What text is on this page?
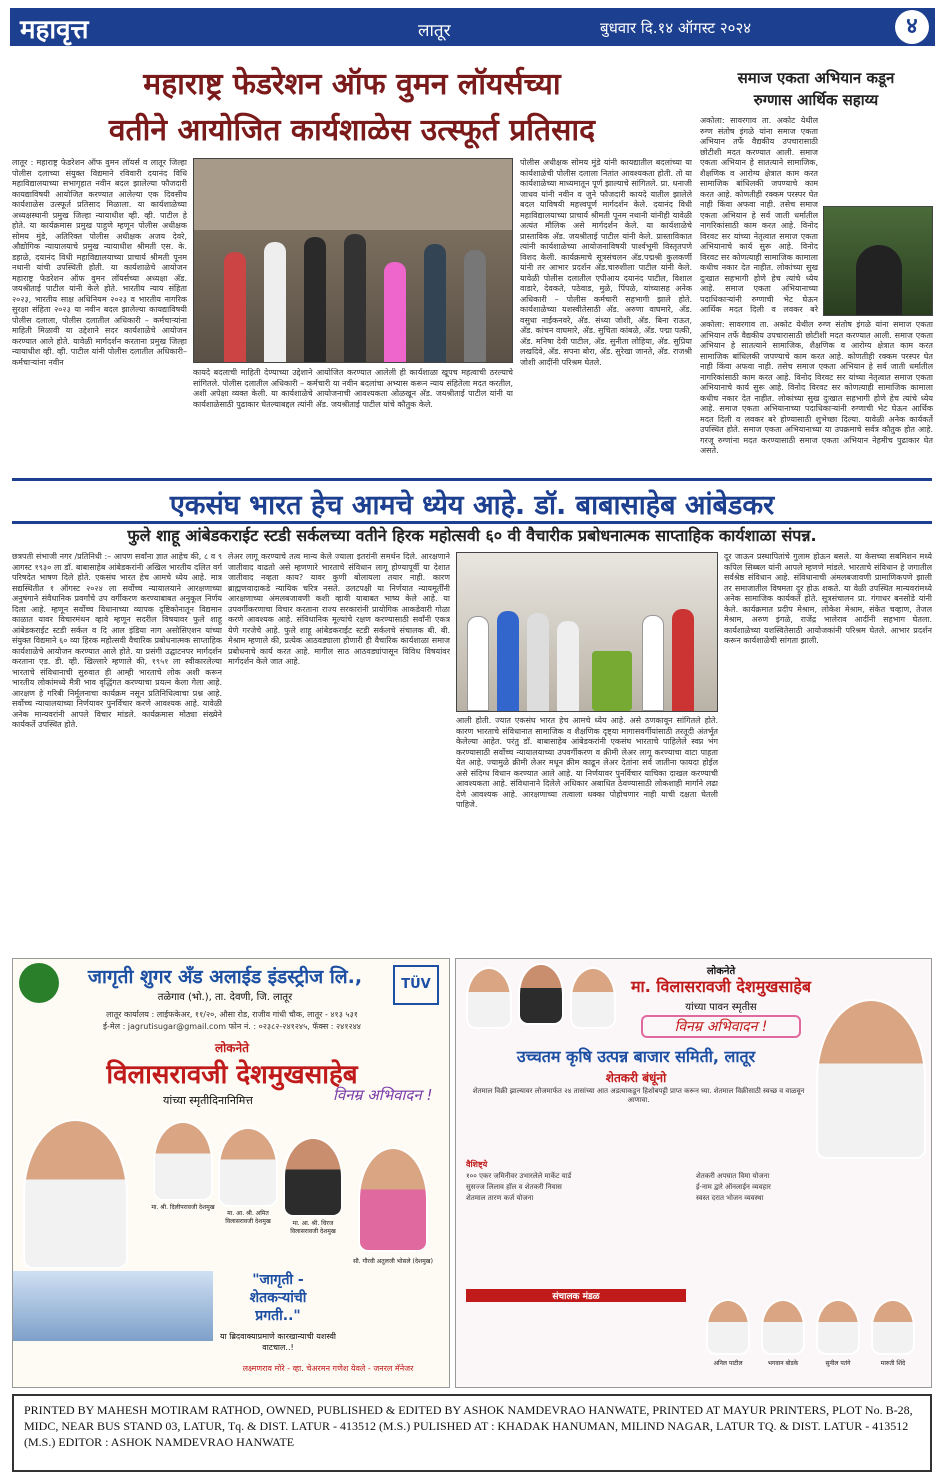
महावृत्त	लातूर	बुधवार दि.१४ ऑगस्ट २०२४	४
महाराष्ट्र फेडरेशन ऑफ वुमन लॉयर्सच्या
वतीने आयोजित कार्यशाळेस उत्स्फूर्त प्रतिसाद
लातूर : महाराष्ट्र फेडरेशन ऑफ वुमन लॉयर्स व लातूर जिल्हा पोलीस दलाच्या संयुक्त विद्यमाने रविवारी दयानंद विधि महाविद्यालयाच्या सभागृहात नवीन बदल झालेल्या फौजदारी कायद्याविषयी आयोजित करण्यात आलेल्या एक दिवसीय कार्यशाळेस उत्स्फूर्त प्रतिसाद मिळाला. या कार्यशाळेच्या अध्यक्षस्थानी प्रमुख जिल्हा न्यायाधीश व्ही. व्ही. पाटील हे होते. या कार्यक्रमास प्रमुख पाहुणे म्हणून पोलीस अधीक्षक सोमय मुंडे, अतिरिक्त पोलीस अधीक्षक अजय देवरे, औद्योगिक न्यायालयाचे प्रमुख न्यायाधीश श्रीमती एस. के. डहाळे, दयानंद विधी महाविद्यालयाच्या प्राचार्य श्रीमती पूनम नथानी यांची उपस्थिती होती. या कार्यशाळेचे आयोजन महाराष्ट्र फेडरेशन ऑफ वुमन लॉयर्सच्या अध्यक्षा अ‍ॅड. जयश्रीताई पाटील यांनी केले होते. भारतीय न्याय संहिता २०२३, भारतीय साक्ष अधिनियम २०२३ व भारतीय नागरिक सुरक्षा संहिता २०२३ या नवीन बदल झालेल्या कायद्याविषयी पोलीस दलाला, पोलीस दलातील अधिकारी – कर्मचाऱ्यांना माहिती मिळावी या उद्देशाने सदर कार्यशाळेचे आयोजन करण्यात आले होते. यावेळी मार्गदर्शन करताना प्रमुख जिल्हा न्यायाधीश व्ही. व्ही. पाटील यांनी पोलीस दलातील अधिकारी– कर्मचाऱ्यांना नवीन
कायदे बदलाची माहिती देण्याच्या उद्देशाने आयोजित करण्यात आलेली ही कार्यशाळा खूपच महत्वाची ठरल्याचे सांगितले. पोलीस दलातील अधिकारी – कर्मचारी या नवीन बदलांचा अभ्यास करून न्याय संहितेला मदत करतील, अशी अपेक्षा व्यक्त केली. या कार्यशाळेचे आयोजनाची आवश्यकता ओळखून अ‍ॅड. जयश्रीताई पाटील यांनी या कार्यशाळेसाठी पुढाकार घेतल्याबद्दल त्यांनी अ‍ॅड. जयश्रीताई पाटील यांचे कौतुक केले.
पोलीस अधीक्षक सोमय मुंडे यांनी कायद्यातील बदलांच्या या कार्यशाळेची पोलीस दलाला नितांत आवश्यकता होती. तो या कार्यशाळेच्या माध्यमातून पूर्ण झाल्याचे सांगितले. प्रा. धनाजी जाधव यांनी नवीन व जुने फौजदारी कायदे यातील झालेले बदल याविषयी महत्त्वपूर्ण मार्गदर्शन केले. दयानंद विधी महाविद्यालयाच्या प्राचार्य श्रीमती पूनम नथानी यांनीही यावेळी अत्यंत मौलिक असे मार्गदर्शन केले. या कार्यशाळेचे प्रास्ताविक अ‍ॅड. जयश्रीताई पाटील यांनी केले. प्रास्ताविकात त्यांनी कार्यशाळेच्या आयोजनाविषयी पार्श्वभूमी विस्तृतपणे विशद केली. कार्यक्रमाचे सूत्रसंचलन अ‍ॅड.पद्मश्री कुलकर्णी यांनी तर आभार प्रदर्शन अ‍ॅड.चारुशीला पाटील यांनी केले. यावेळी पोलीस दलातील एपीआय दयानंद पाटील, विशाल वाडारे, देवकते, पठेवाड, मुळे, पिंपळे, यांच्यासह अनेक अधिकारी – पोलीस कर्मचारी सहभागी झाले होते. कार्यशाळेच्या यशस्वीतेसाठी अ‍ॅड. अरुणा वाघमारे, अ‍ॅड. वसुधा नाईकनवरे, अ‍ॅड. संध्या जोशी, अ‍ॅड. बिना राऊत, अ‍ॅड. कांचन वाघमारे, अ‍ॅड. सुचिता कांबळे, अ‍ॅड. पद्मा पत्की, अ‍ॅड. मनिषा देवी पाटील, अ‍ॅड. सुनीता लोहिया, अ‍ॅड. सुप्रिया लखदिवे, अ‍ॅड. सपना बोरा, अ‍ॅड. सुरेखा जानते, अ‍ॅड. राजश्री जोशी आदींनी परिश्रम घेतले.
समाज एकता अभियान कडून
रुग्णास आर्थिक सहाय्य
अकोला: सावरगाव ता. अकोट येथील रुग्ण संतोष इंगळे यांना समाज एकता अभियान तर्फे वैद्यकीय उपचारासाठी छोटीशी मदत करण्यात आली. समाज एकता अभियान हे सातत्याने सामाजिक, शैक्षणिक व आरोग्य क्षेत्रात काम करत सामाजिक बांधिलकी जपण्याचे काम करत आहे. कोणतीही रक्कम परस्पर घेत नाही किंवा अफवा नाही. तसेच समाज एकता अभियान हे सर्व जाती धर्मातील नागरिकांसाठी काम करत आहे. विनोद विरवट सर यांच्या नेतृत्वात समाज एकता अभियानाचे कार्य सुरू आहे. विनोद विरवट सर कोणत्याही सामाजिक कामाला कधीच नकार देत नाहीत. लोकांच्या सुख दुःखात सहभागी होणे हेच त्यांचे ध्येय आहे. समाज एकता अभियानाच्या पदाधिकाऱ्यांनी रुग्णाची भेट घेऊन आर्थिक मदत दिली व लवकर बरे
अकोला: सावरगाव ता. अकोट येथील रुग्ण संतोष इंगळे यांना समाज एकता अभियान तर्फे वैद्यकीय उपचारासाठी छोटीशी मदत करण्यात आली. समाज एकता अभियान हे सातत्याने सामाजिक, शैक्षणिक व आरोग्य क्षेत्रात काम करत सामाजिक बांधिलकी जपण्याचे काम करत आहे. कोणतीही रक्कम परस्पर घेत नाही किंवा अफवा नाही. तसेच समाज एकता अभियान हे सर्व जाती धर्मातील नागरिकांसाठी काम करत आहे. विनोद विरवट सर यांच्या नेतृत्वात समाज एकता अभियानाचे कार्य सुरू आहे. विनोद विरवट सर कोणत्याही सामाजिक कामाला कधीच नकार देत नाहीत. लोकांच्या सुख दुःखात सहभागी होणे हेच त्यांचे ध्येय आहे. समाज एकता अभियानाच्या पदाधिकाऱ्यांनी रुग्णाची भेट घेऊन आर्थिक मदत दिली व लवकर बरे होण्यासाठी शुभेच्छा दिल्या. यावेळी अनेक कार्यकर्ते उपस्थित होते. समाज एकता अभियानाच्या या उपक्रमाचे सर्वत्र कौतुक होत आहे. गरजू रुग्णांना मदत करण्यासाठी समाज एकता अभियान नेहमीच पुढाकार घेत असते.
एकसंघ भारत हेच आमचे ध्येय आहे. डॉ. बाबासाहेब आंबेडकर
फुले शाहू आंबेडकराईट स्टडी सर्कलच्या वतीने हिरक महोत्सवी ६० वी वैचारीक प्रबोधनात्मक साप्ताहिक कार्यशाळा संपन्न.
छत्रपती संभाजी नगर /प्रतिनिधी :– आपण सर्वांना ज्ञात आहेच की, ८ व ९ आगस्ट १९३० ला डॉ. बाबासाहेब आंबेडकरांनी अखिल भारतीय दलित वर्ग परिषदेत भाषण दिले होते. एकसंघ भारत हेच आमचे ध्येय आहे. मात्र सद्यस्थितीत १ ऑगस्ट २०२४ ला सर्वोच्च न्यायालयाने आरक्षणाच्या अनुषंगाने संवैधानिक प्रवर्गांचे उप वर्गीकरण करण्याबाबत अनुकूल निर्णय दिला आहे. म्हणून सर्वोच्च विधानाच्या व्यापक दृष्टिकोनातून विद्यमान काळात यावर विचारमंथन व्हावे म्हणून सदरील विषयावर फुले शाहू आंबेडकराईट स्टडी सर्कल व दि आल इंडिया नाग असोसिएशन यांच्या संयुक्त विद्यमाने ६० व्या हिरक महोत्सवी वैचारिक प्रबोधनात्मक साप्ताहिक कार्यशाळेचे आयोजन करण्यात आले होते. या प्रसंगी उद्घाटनपर मार्गदर्शन करताना एड. डी. व्ही. खिल्लारे म्हणाले की, १९५१ ला स्वीकारलेल्या भारताचे संविधानाची सुरुवात ही आम्ही भारताचे लोक अशी करून भारतीय लोकांमध्ये मैत्री भाव वृद्धिंगत करण्याचा प्रयत्न केला गेला आहे. आरक्षण हे गरिबी निर्मूलनाचा कार्यक्रम नसून प्रतिनिधित्वाचा प्रश्न आहे. सर्वोच्च न्यायालयाच्या निर्णयावर पुनर्विचार करणे आवश्यक आहे. यावेळी अनेक मान्यवरांनी आपले विचार मांडले. कार्यक्रमास मोठ्या संख्येने कार्यकर्ते उपस्थित होते.
लेअर लागू करण्याचे तत्व मान्य केले ज्याला इतरांनी समर्थन दिले. आरक्षणाने जातीवाद वाढतो असे म्हणणारे भारताचे संविधान लागू होण्यापूर्वी या देशात जातीवाद नव्हता काय? यावर कुणी बोलायला तयार नाही. कारण ब्राह्मणवादाकडे न्यायिक चरित्र नसते. उलटपक्षी या निर्णयात न्यायमूर्तींनी आरक्षणाच्या अंमलबजावणी कशी व्हावी याबाबत भाष्य केले आहे. या उपवर्गीकरणाचा विचार करताना राज्य सरकारांनी प्रायोगिक आकडेवारी गोळा करणे आवश्यक आहे. संविधानिक मूल्यांचे रक्षण करण्यासाठी सर्वांनी एकत्र येणे गरजेचे आहे. फुले शाहू आंबेडकराईट स्टडी सर्कलचे संचालक बी. बी. मेश्राम म्हणाले की, प्रत्येक आठवड्याला होणारी ही वैचारिक कार्यशाळा समाज प्रबोधनाचे कार्य करत आहे. मागील साठ आठवड्यांपासून विविध विषयांवर मार्गदर्शन केले जात आहे.
आली होती. ज्यात एकसंघ भारत हेच आमचे ध्येय आहे. असे ठणकावून सांगितले होते. कारण भारताचे संविधानात सामाजिक व शैक्षणिक दृष्ट्या मागासवर्गीयांसाठी तरतूदी अंतर्भूत केलेल्या आहेत. परंतु डॉ. बाबासाहेब आंबेडकरांनी एकसंघ भारताचे पाहिलेले स्वप्न भंग करण्यासाठी सर्वोच्च न्यायालयाच्या उपवर्गीकरण व क्रीमी लेअर लागू करण्याचा वाटा पाहता येत आहे. ज्यामुळे क्रीमी लेअर मधून क्रीम काढून लेअर देतांना सर्व जातीना फायदा होईल असे संदिग्ध विधान करण्यात आले आहे. या निर्णयावर पुनर्विचार याचिका दाखल करण्याची आवश्यकता आहे. संविधानाने दिलेले अधिकार अबाधित ठेवण्यासाठी लोकशाही मार्गाने लढा देणे आवश्यक आहे. आरक्षणाच्या तत्वाला धक्का पोहोचणार नाही याची दक्षता घेतली पाहिजे.
दूर जाऊन प्रस्थापितांचे गुलाम होऊन बसले. या केसच्या सबमिशन मध्ये कपिल सिब्बल यांनी आपले म्हणणे मांडले. भारताचे संविधान हे जगातील सर्वश्रेष्ठ संविधान आहे. संविधानाची अंमलबजावणी प्रामाणिकपणे झाली तर समाजातील विषमता दूर होऊ शकते. या वेळी उपस्थित मान्यवरांमध्ये अनेक सामाजिक कार्यकर्ते होते. सूत्रसंचालन प्रा. गंगाधर बनसोडे यांनी केले. कार्यक्रमात प्रदीप मेश्राम, लोकेश मेश्राम, संकेत चव्हाण, तेजल मेश्राम, अरुण इंगळे, राजेंद्र भालेराव आदींनी सहभाग घेतला. कार्यशाळेच्या यशस्वितेसाठी आयोजकांनी परिश्रम घेतले. आभार प्रदर्शन करून कार्यशाळेची सांगता झाली.
जागृती शुगर अँड अलाईड इंडस्ट्रीज लि.,	TÜV
तळेगाव (भो.), ता. देवणी, जि. लातूर
लातूर कार्यालय : लाईफकेअर, ११/२०, औसा रोड, राजीव गांधी चौक, लातूर - ४१३ ५३१
ई-मेल : jagrutisugar@gmail.com फोन नं. : ०२३८२-२४१२४५, फॅक्स : २४१२४४
लोकनेते
विलासरावजी देशमुखसाहेब
यांच्या स्मृतीदिनानिमित्त	विनम्र अभिवादन !
मा. श्री. दिलीपरावजी देशमुख
मा. आ. श्री. अमित विलासरावजी देशमुख	मा. आ. श्री. धिरज विलासरावजी देशमुख
सौ. गौरवी अतुलजी भोसले (देशमुख)
"जागृती -
शेतकऱ्यांची
प्रगती.."
या ब्रिदवाक्याप्रमाणे कारखान्याची यशस्वी वाटचाल..!
लक्ष्मणराव मोरे - व्हा. चेअरमन गणेश येवले - जनरल मॅनेजर
लोकनेते
मा. विलासरावजी देशमुखसाहेब
यांच्या पावन स्मृतीस
विनम्र अभिवादन !
उच्चतम कृषि उत्पन्न बाजार समिती, लातूर
शेतकरी बंधूंनो
शेतमाल विक्री झाल्यावर लोजमार्फत २४ तासांच्या आत अडत्याकडून हिशोबपट्टी प्राप्त करून घ्या. शेतमाल विक्रीसाठी स्वच्छ व वाळवून आणावा.
वैशिष्ट्ये
१०० एकर जमिनीवर उभारलेले मार्केट यार्ड
सुसज्ज लिलाव हॉल व शेतकरी निवास
शेतमाल तारण कर्ज योजना
शेतकरी अपघात विमा योजना
ई-नाम द्वारे ऑनलाईन व्यवहार
स्वस्त दरात भोजन व्यवस्था
संचालक मंडळ
अनिल पाटील	भगवान बोडके	सुनील पतंगे	मारुती शिंदे
PRINTED BY MAHESH MOTIRAM RATHOD, OWNED, PUBLISHED & EDITED BY ASHOK NAMDEVRAO HANWATE, PRINTED AT MAYUR PRINTERS, PLOT No. B-28, MIDC, NEAR BUS STAND 03, LATUR, Tq. & DIST. LATUR - 413512 (M.S.) PULISHED AT : KHADAK HANUMAN, MILIND NAGAR, LATUR TQ. & DIST. LATUR - 413512 (M.S.) EDITOR : ASHOK NAMDEVRAO HANWATE
